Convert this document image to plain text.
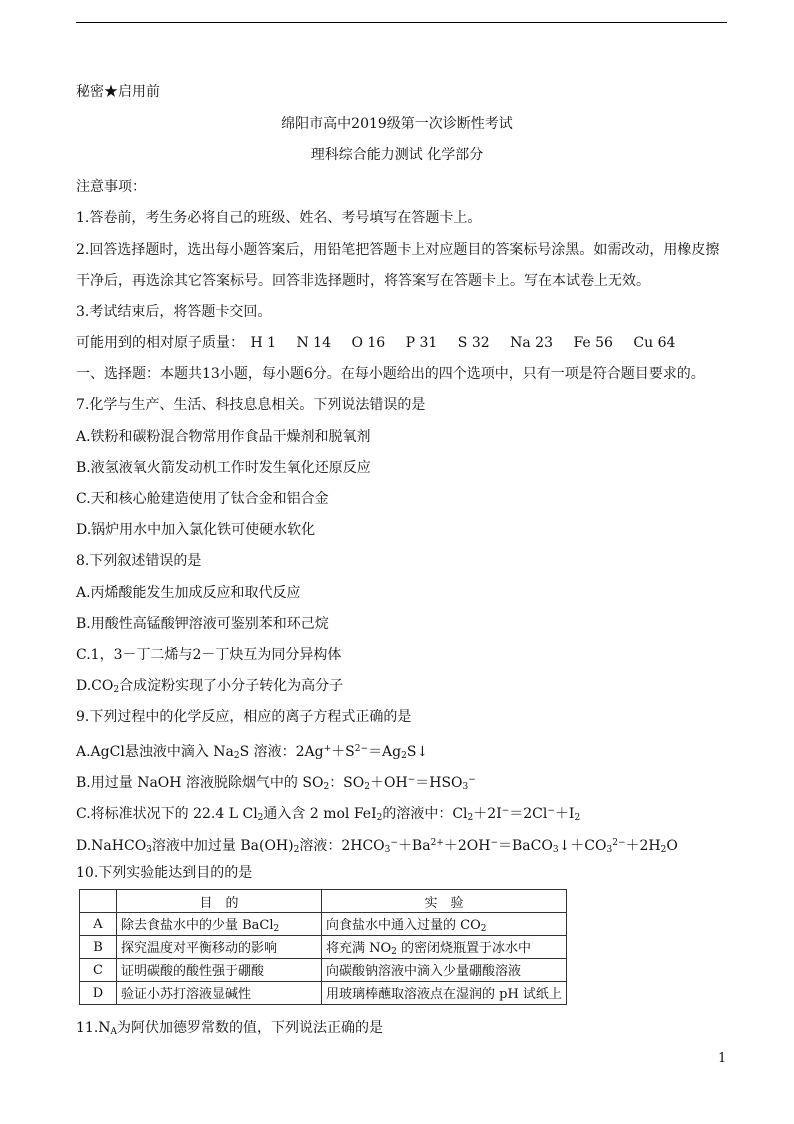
秘密★启用前
绵阳市高中2019级第一次诊断性考试
理科综合能力测试 化学部分
注意事项：
1.答卷前，考生务必将自己的班级、姓名、考号填写在答题卡上。
2.回答选择题时，选出每小题答案后，用铅笔把答题卡上对应题目的答案标号涂黑。如需改动，用橡皮擦
干净后，再选涂其它答案标号。回答非选择题时，将答案写在答题卡上。写在本试卷上无效。
3.考试结束后，将答题卡交回。
可能用到的相对原子质量： H 1 N 14 O 16 P 31 S 32 Na 23 Fe 56 Cu 64
一、选择题：本题共13小题，每小题6分。在每小题给出的四个选项中，只有一项是符合题目要求的。
7.化学与生产、生活、科技息息相关。下列说法错误的是
A.铁粉和碳粉混合物常用作食品干燥剂和脱氧剂
B.液氢液氧火箭发动机工作时发生氧化还原反应
C.天和核心舱建造使用了钛合金和铝合金
D.锅炉用水中加入氯化铁可使硬水软化
8.下列叙述错误的是
A.丙烯酸能发生加成反应和取代反应
B.用酸性高锰酸钾溶液可鉴别苯和环己烷
C.1，3－丁二烯与2－丁炔互为同分异构体
$D.CO_2$合成淀粉实现了小分子转化为高分子
9.下列过程中的化学反应，相应的离子方程式正确的是
A.AgCl悬浊液中滴入 $Na_2S$ 溶液：$2Ag^++S^{2-}=Ag_2S↓$
B.用过量 NaOH 溶液脱除烟气中的 $SO_2$：$SO_2+OH^-=HSO_3^-$
C.将标准状况下的 22.4 L $Cl_2$通入含 2 mol FeI$_2$的溶液中：$Cl_2+2I^-=2Cl^-+I_2$
D.NaHCO$_3$溶液中加过量 $Ba(OH)_2$溶液：$2HCO_3^-+Ba^{2+}+2OH^-=BaCO_3↓+CO_3^{2-}+2H_2O$
10.下列实验能达到目的的是
	目　的	实　验
A	除去食盐水中的少量 BaCl$_2$	向食盐水中通入过量的 $CO_2$
B	探究温度对平衡移动的影响	将充满 $NO_2$ 的密闭烧瓶置于冰水中
C	证明碳酸的酸性强于硼酸	向碳酸钠溶液中滴入少量硼酸溶液
D	验证小苏打溶液显碱性	用玻璃棒蘸取溶液点在湿润的 pH 试纸上
$11.N_A$为阿伏加德罗常数的值，下列说法正确的是
1
